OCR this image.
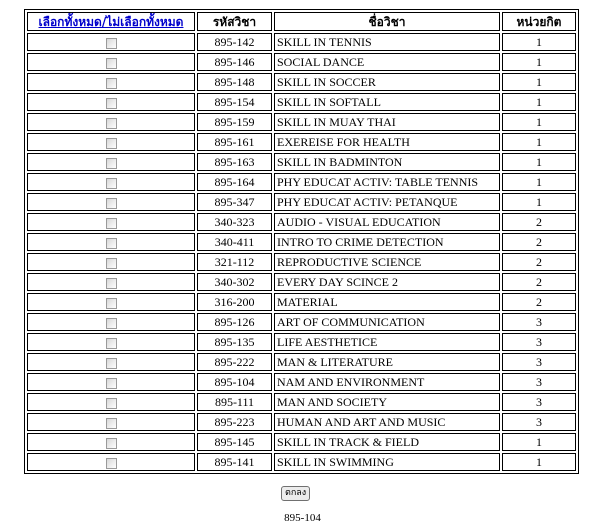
เลือกทั้งหมด/ไม่เลือกทั้งหมด	รหัสวิชา	ชื่อวิชา	หน่วยกิต
	895-142	SKILL IN TENNIS	1
	895-146	SOCIAL DANCE	1
	895-148	SKILL IN SOCCER	1
	895-154	SKILL IN SOFTALL	1
	895-159	SKILL IN MUAY THAI	1
	895-161	EXEREISE FOR HEALTH	1
	895-163	SKILL IN BADMINTON	1
	895-164	PHY EDUCAT ACTIV: TABLE TENNIS	1
	895-347	PHY EDUCAT ACTIV: PETANQUE	1
	340-323	AUDIO - VISUAL EDUCATION	2
	340-411	INTRO TO CRIME DETECTION	2
	321-112	REPRODUCTIVE SCIENCE	2
	340-302	EVERY DAY SCINCE 2	2
	316-200	MATERIAL	2
	895-126	ART OF COMMUNICATION	3
	895-135	LIFE AESTHETICE	3
	895-222	MAN & LITERATURE	3
	895-104	NAM AND ENVIRONMENT	3
	895-111	MAN AND SOCIETY	3
	895-223	HUMAN AND ART AND MUSIC	3
	895-145	SKILL IN TRACK & FIELD	1
	895-141	SKILL IN SWIMMING	1
ตกลง
895-104
